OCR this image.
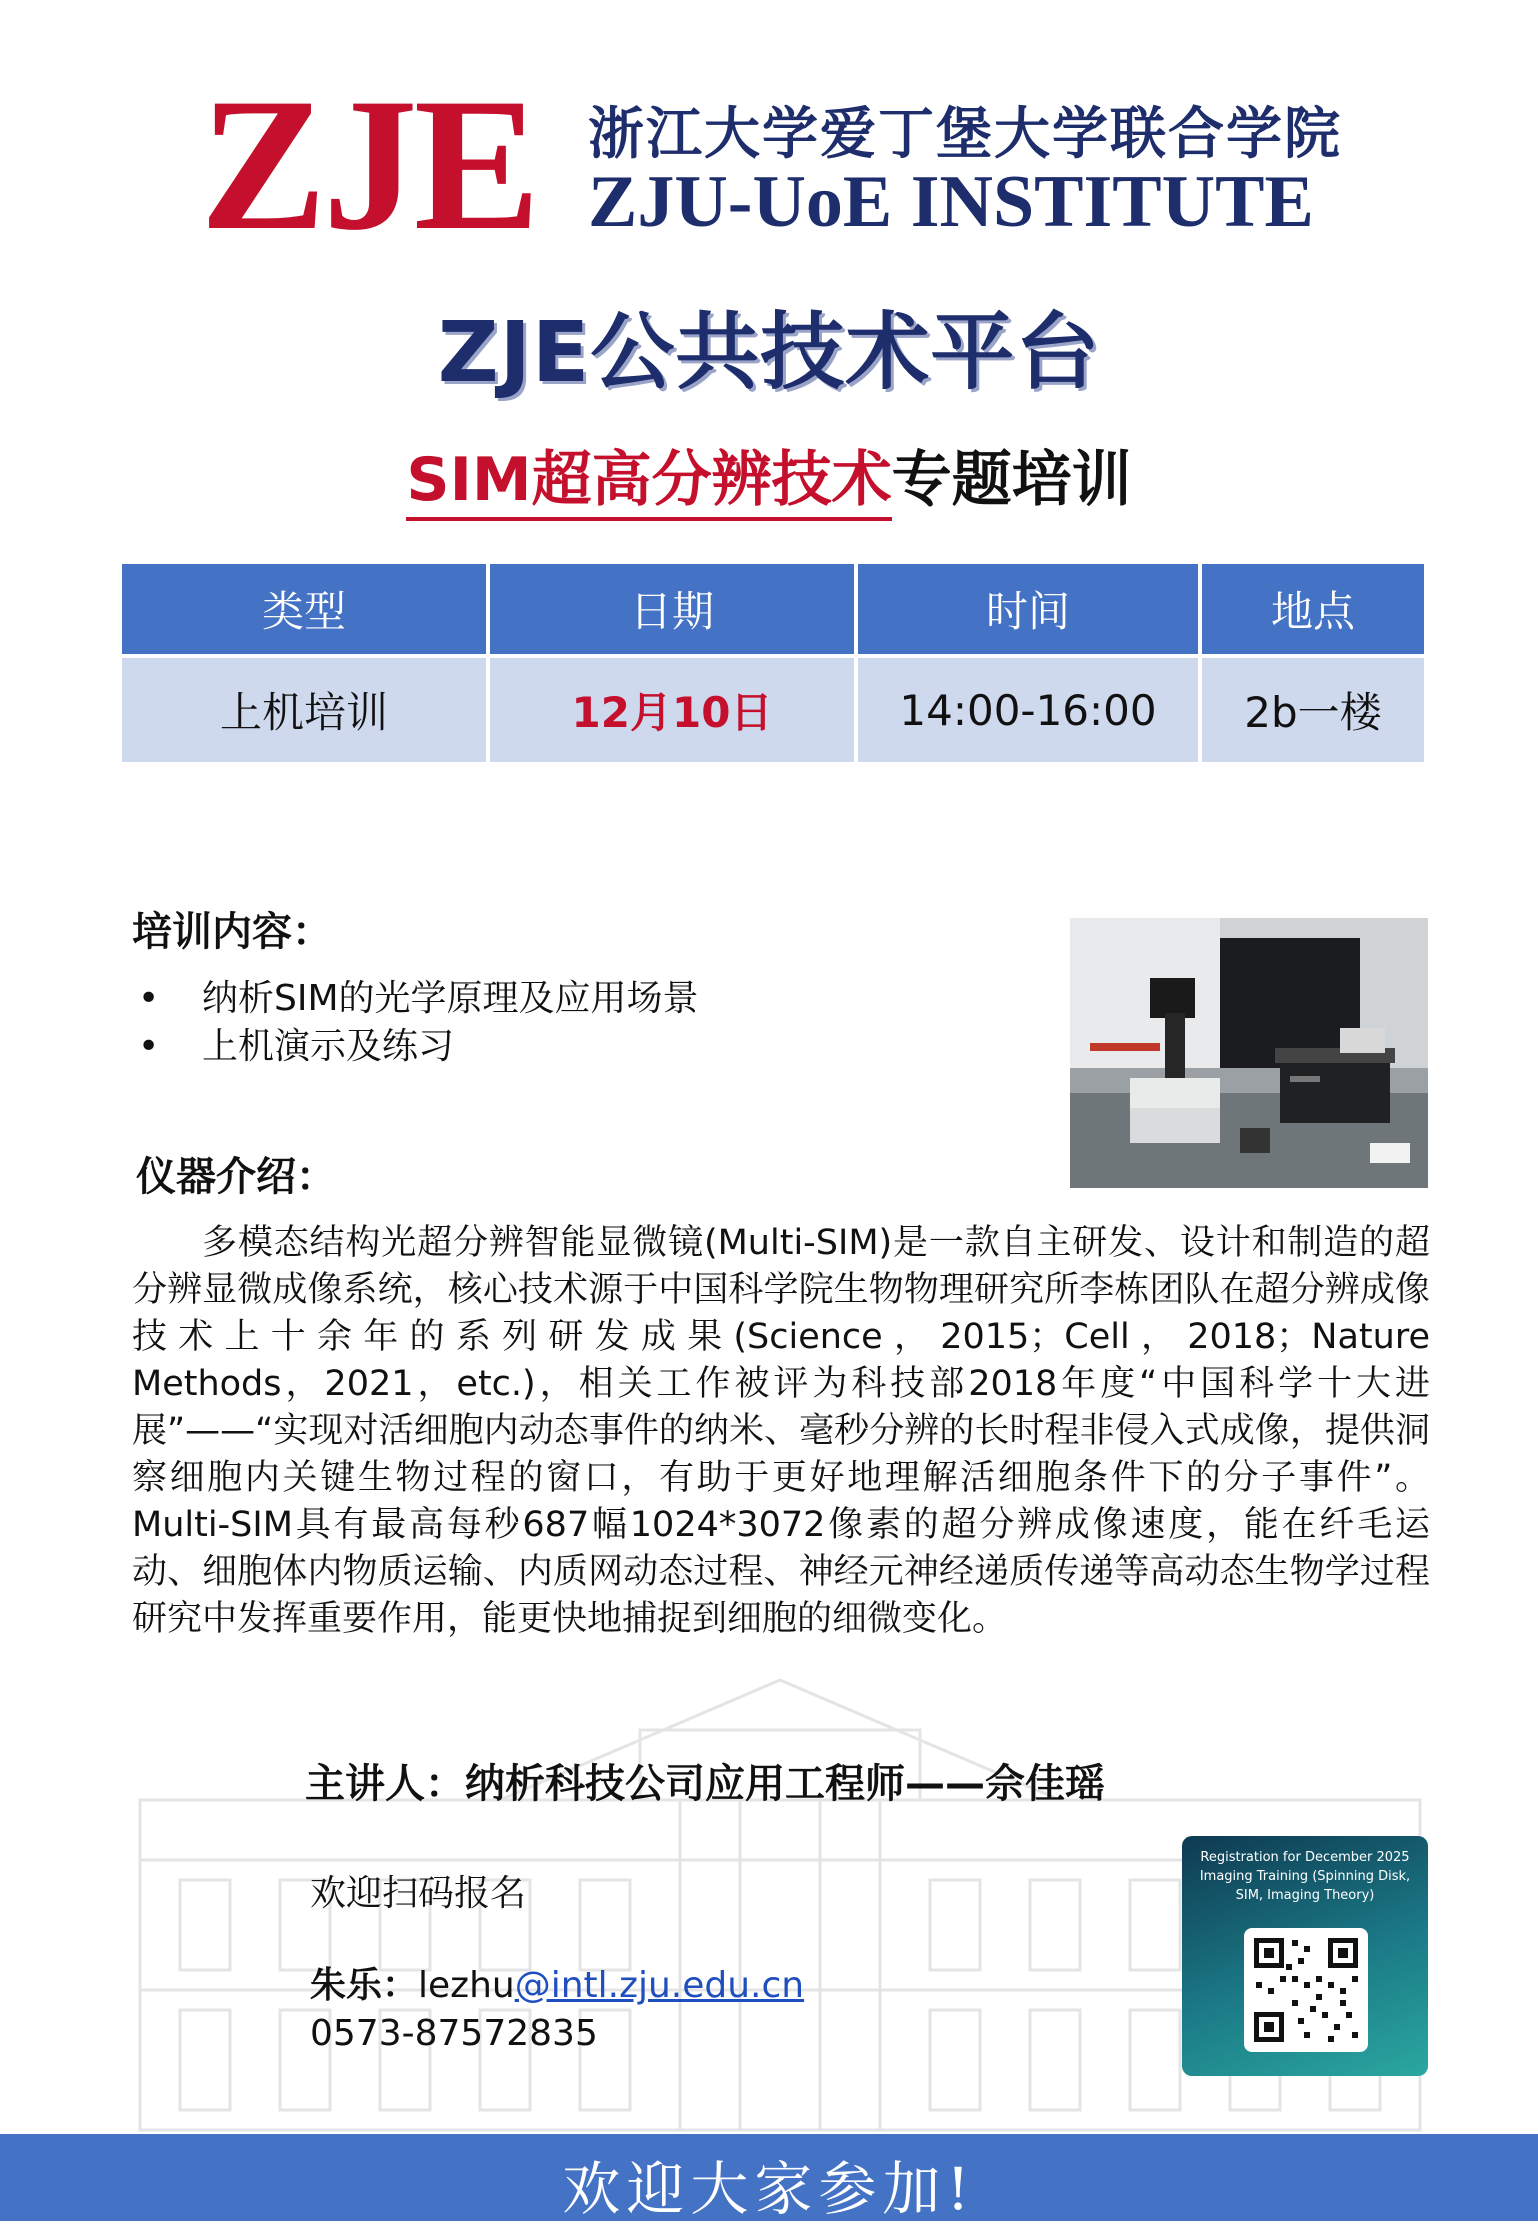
ZJE 浙江大学爱丁堡大学联合学院
ZJU-UoE INSTITUTE
ZJE公共技术平台
SIM超高分辨技术专题培训
类型	日期	时间	地点
上机培训	12月10日	14:00-16:00	2b一楼
培训内容：
• 纳析SIM的光学原理及应用场景
• 上机演示及练习
仪器介绍：
多模态结构光超分辨智能显微镜(Multi-SIM)是一款自主研发、设计和制造的超分辨显微成像系统，核心技术源于中国科学院生物物理研究所李栋团队在超分辨成像技术上十余年的系列研发成果(Science，2015；Cell，2018；Nature Methods，2021，etc.)，相关工作被评为科技部2018年度“中国科学十大进展”——“实现对活细胞内动态事件的纳米、毫秒分辨的长时程非侵入式成像，提供洞察细胞内关键生物过程的窗口，有助于更好地理解活细胞条件下的分子事件”。Multi-SIM具有最高每秒687幅1024*3072像素的超分辨成像速度，能在纤毛运动、细胞体内物质运输、内质网动态过程、神经元神经递质传递等高动态生物学过程研究中发挥重要作用，能更快地捕捉到细胞的细微变化。
主讲人：纳析科技公司应用工程师——佘佳瑶
欢迎扫码报名
朱乐：lezhu@intl.zju.edu.cn
0573-87572835
Registration for December 2025 Imaging Training (Spinning Disk, SIM, Imaging Theory)
欢迎大家参加!
